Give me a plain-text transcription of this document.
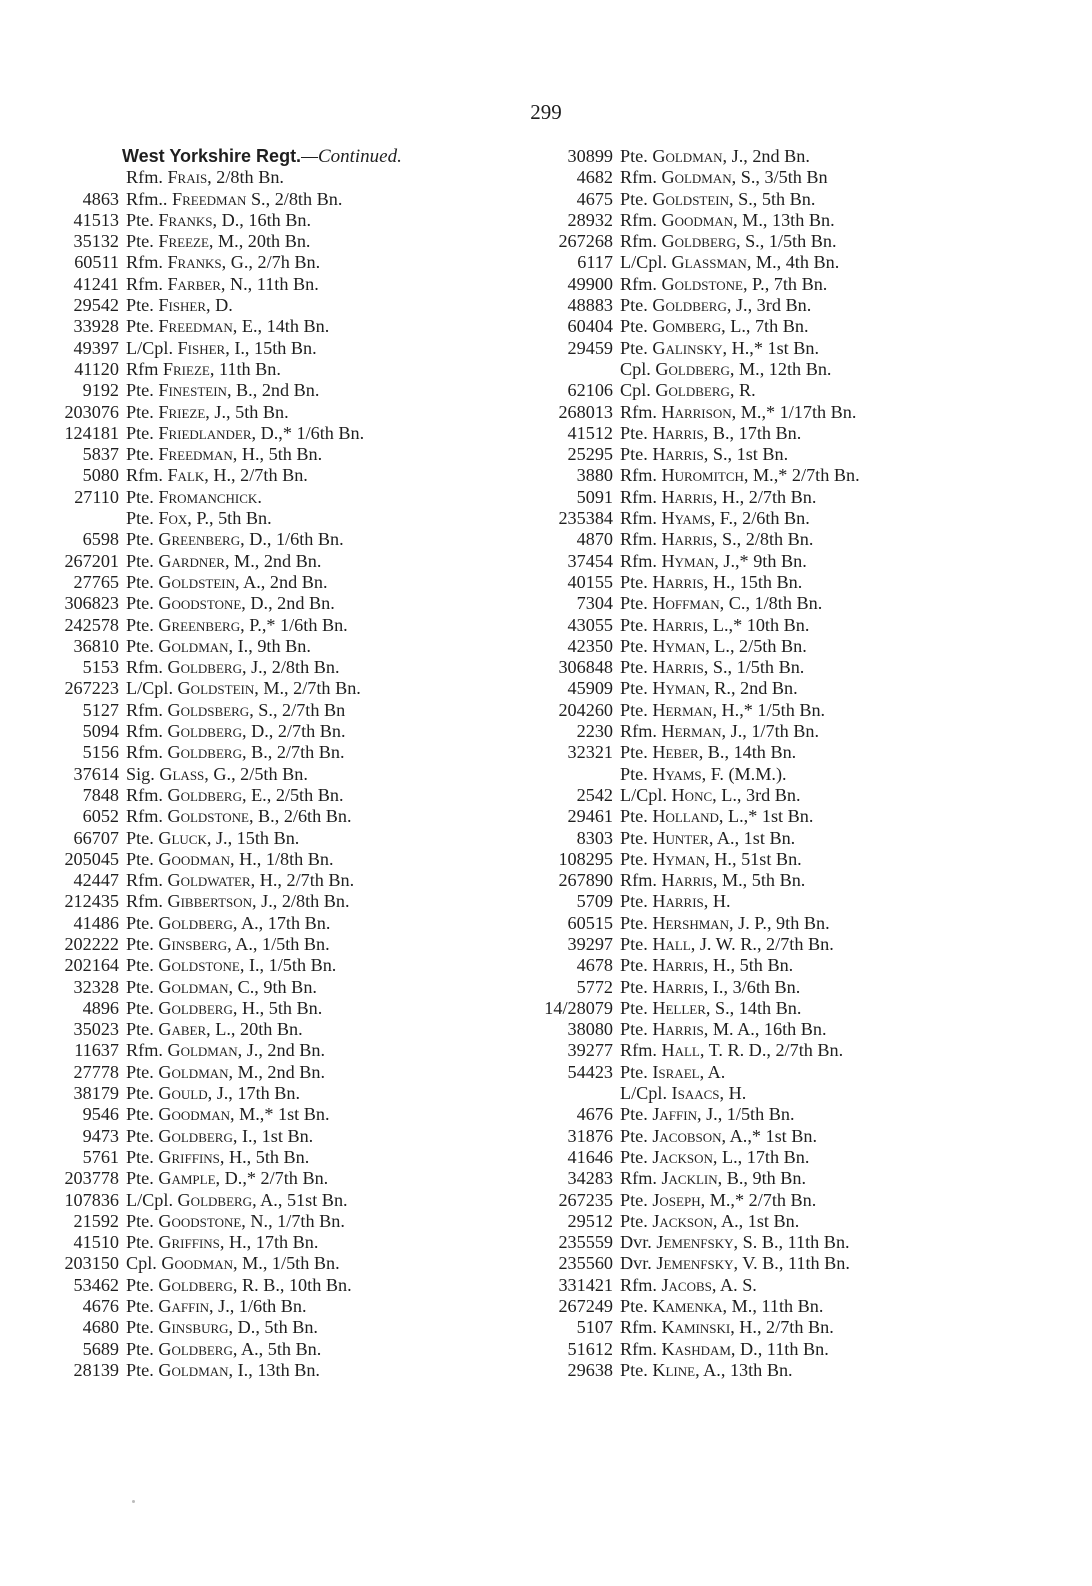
299
West Yorkshire Regt.—Continued.
Rfm. Frais, 2/8th Bn.
4863 Rfm.. Freedman S., 2/8th Bn.
41513 Pte. Franks, D., 16th Bn.
35132 Pte. Freeze, M., 20th Bn.
60511 Rfm. Franks, G., 2/7h Bn.
41241 Rfm. Farber, N., 11th Bn.
29542 Pte. Fisher, D.
33928 Pte. Freedman, E., 14th Bn.
49397 L/Cpl. Fisher, I., 15th Bn.
41120 Rfm Frieze, 11th Bn.
9192 Pte. Finestein, B., 2nd Bn.
203076 Pte. Frieze, J., 5th Bn.
124181 Pte. Friedlander, D.,* 1/6th Bn.
5837 Pte. Freedman, H., 5th Bn.
5080 Rfm. Falk, H., 2/7th Bn.
27110 Pte. Fromanchick.
Pte. Fox, P., 5th Bn.
6598 Pte. Greenberg, D., 1/6th Bn.
267201 Pte. Gardner, M., 2nd Bn.
27765 Pte. Goldstein, A., 2nd Bn.
306823 Pte. Goodstone, D., 2nd Bn.
242578 Pte. Greenberg, P.,* 1/6th Bn.
36810 Pte. Goldman, I., 9th Bn.
5153 Rfm. Goldberg, J., 2/8th Bn.
267223 L/Cpl. Goldstein, M., 2/7th Bn.
5127 Rfm. Goldsberg, S., 2/7th Bn
5094 Rfm. Goldberg, D., 2/7th Bn.
5156 Rfm. Goldberg, B., 2/7th Bn.
37614 Sig. Glass, G., 2/5th Bn.
7848 Rfm. Goldberg, E., 2/5th Bn.
6052 Rfm. Goldstone, B., 2/6th Bn.
66707 Pte. Gluck, J., 15th Bn.
205045 Pte. Goodman, H., 1/8th Bn.
42447 Rfm. Goldwater, H., 2/7th Bn.
212435 Rfm. Gibbertson, J., 2/8th Bn.
41486 Pte. Goldberg, A., 17th Bn.
202222 Pte. Ginsberg, A., 1/5th Bn.
202164 Pte. Goldstone, I., 1/5th Bn.
32328 Pte. Goldman, C., 9th Bn.
4896 Pte. Goldberg, H., 5th Bn.
35023 Pte. Gaber, L., 20th Bn.
11637 Rfm. Goldman, J., 2nd Bn.
27778 Pte. Goldman, M., 2nd Bn.
38179 Pte. Gould, J., 17th Bn.
9546 Pte. Goodman, M.,* 1st Bn.
9473 Pte. Goldberg, I., 1st Bn.
5761 Pte. Griffins, H., 5th Bn.
203778 Pte. Gample, D.,* 2/7th Bn.
107836 L/Cpl. Goldberg, A., 51st Bn.
21592 Pte. Goodstone, N., 1/7th Bn.
41510 Pte. Griffins, H., 17th Bn.
203150 Cpl. Goodman, M., 1/5th Bn.
53462 Pte. Goldberg, R. B., 10th Bn.
4676 Pte. Gaffin, J., 1/6th Bn.
4680 Pte. Ginsburg, D., 5th Bn.
5689 Pte. Goldberg, A., 5th Bn.
28139 Pte. Goldman, I., 13th Bn.
30899 Pte. Goldman, J., 2nd Bn.
4682 Rfm. Goldman, S., 3/5th Bn
4675 Pte. Goldstein, S., 5th Bn.
28932 Rfm. Goodman, M., 13th Bn.
267268 Rfm. Goldberg, S., 1/5th Bn.
6117 L/Cpl. Glassman, M., 4th Bn.
49900 Rfm. Goldstone, P., 7th Bn.
48883 Pte. Goldberg, J., 3rd Bn.
60404 Pte. Gomberg, L., 7th Bn.
29459 Pte. Galinsky, H.,* 1st Bn.
Cpl. Goldberg, M., 12th Bn.
62106 Cpl. Goldberg, R.
268013 Rfm. Harrison, M.,* 1/17th Bn.
41512 Pte. Harris, B., 17th Bn.
25295 Pte. Harris, S., 1st Bn.
3880 Rfm. Huromitch, M.,* 2/7th Bn.
5091 Rfm. Harris, H., 2/7th Bn.
235384 Rfm. Hyams, F., 2/6th Bn.
4870 Rfm. Harris, S., 2/8th Bn.
37454 Rfm. Hyman, J.,* 9th Bn.
40155 Pte. Harris, H., 15th Bn.
7304 Pte. Hoffman, C., 1/8th Bn.
43055 Pte. Harris, L.,* 10th Bn.
42350 Pte. Hyman, L., 2/5th Bn.
306848 Pte. Harris, S., 1/5th Bn.
45909 Pte. Hyman, R., 2nd Bn.
204260 Pte. Herman, H.,* 1/5th Bn.
2230 Rfm. Herman, J., 1/7th Bn.
32321 Pte. Heber, B., 14th Bn.
Pte. Hyams, F. (M.M.).
2542 L/Cpl. Honc, L., 3rd Bn.
29461 Pte. Holland, L.,* 1st Bn.
8303 Pte. Hunter, A., 1st Bn.
108295 Pte. Hyman, H., 51st Bn.
267890 Rfm. Harris, M., 5th Bn.
5709 Pte. Harris, H.
60515 Pte. Hershman, J. P., 9th Bn.
39297 Pte. Hall, J. W. R., 2/7th Bn.
4678 Pte. Harris, H., 5th Bn.
5772 Pte. Harris, I., 3/6th Bn.
14/28079 Pte. Heller, S., 14th Bn.
38080 Pte. Harris, M. A., 16th Bn.
39277 Rfm. Hall, T. R. D., 2/7th Bn.
54423 Pte. Israel, A.
L/Cpl. Isaacs, H.
4676 Pte. Jaffin, J., 1/5th Bn.
31876 Pte. Jacobson, A.,* 1st Bn.
41646 Pte. Jackson, L., 17th Bn.
34283 Rfm. Jacklin, B., 9th Bn.
267235 Pte. Joseph, M.,* 2/7th Bn.
29512 Pte. Jackson, A., 1st Bn.
235559 Dvr. Jemenfsky, S. B., 11th Bn.
235560 Dvr. Jemenfsky, V. B., 11th Bn.
331421 Rfm. Jacobs, A. S.
267249 Pte. Kamenka, M., 11th Bn.
5107 Rfm. Kaminski, H., 2/7th Bn.
51612 Rfm. Kashdam, D., 11th Bn.
29638 Pte. Kline, A., 13th Bn.
